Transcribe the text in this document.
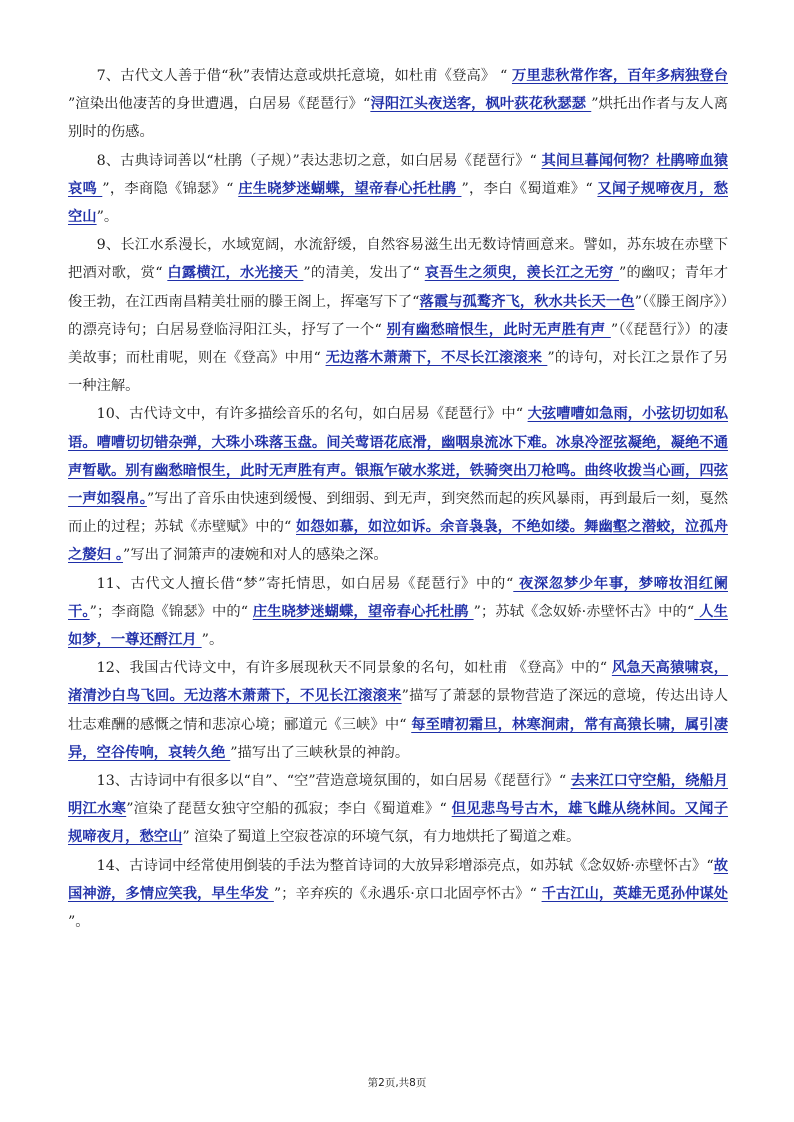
7、古代文人善于借“秋”表情达意或烘托意境，如杜甫《登高》 “ 万里悲秋常作客，百年多病独登台 ”渲染出他凄苦的身世遭遇，白居易《琵琶行》“浔阳江头夜送客，枫叶荻花秋瑟瑟 ”烘托出作者与友人离别时的伤感。

8、古典诗词善以“杜鹃（子规）”表达悲切之意，如白居易《琵琶行》“ 其间旦暮闻何物？杜鹃啼血猿哀鸣 ”，李商隐《锦瑟》“ 庄生晓梦迷蝴蝶，望帝春心托杜鹃 ”，李白《蜀道难》“ 又闻子规啼夜月，愁空山”。

9、长江水系漫长，水域宽阔，水流舒缓，自然容易滋生出无数诗情画意来。譬如，苏东坡在赤壁下把酒对歌，赏“ 白露横江，水光接天 ”的清美，发出了“ 哀吾生之须臾，羡长江之无穷 ”的幽叹；青年才俊王勃，在江西南昌精美壮丽的滕王阁上，挥毫写下了“落霞与孤鹜齐飞，秋水共长天一色”（《滕王阁序》）的漂亮诗句；白居易登临浔阳江头，抒写了一个“ 别有幽愁暗恨生，此时无声胜有声 ”（《琵琶行》）的凄美故事；而杜甫呢，则在《登高》中用“ 无边落木萧萧下，不尽长江滚滚来 ”的诗句，对长江之景作了另一种注解。

10、古代诗文中，有许多描绘音乐的名句，如白居易《琵琶行》中“ 大弦嘈嘈如急雨，小弦切切如私语。嘈嘈切切错杂弹，大珠小珠落玉盘。间关莺语花底滑，幽咽泉流冰下难。冰泉冷涩弦凝绝，凝绝不通声暂歇。别有幽愁暗恨生，此时无声胜有声。银瓶乍破水浆迸，铁骑突出刀枪鸣。曲终收拨当心画，四弦一声如裂帛。”写出了音乐由快速到缓慢、到细弱、到无声，到突然而起的疾风暴雨，再到最后一刻，戛然而止的过程；苏轼《赤壁赋》中的“ 如怨如慕，如泣如诉。余音袅袅，不绝如缕。舞幽壑之潜蛟，泣孤舟之嫠妇 。”写出了洞箫声的凄婉和对人的感染之深。

11、古代文人擅长借“梦”寄托情思，如白居易《琵琶行》中的“ 夜深忽梦少年事，梦啼妆泪红阑干。”；李商隐《锦瑟》中的“ 庄生晓梦迷蝴蝶，望帝春心托杜鹃 ”；苏轼《念奴娇·赤壁怀古》中的“ 人生如梦，一尊还酹江月 ”。

12、我国古代诗文中，有许多展现秋天不同景象的名句，如杜甫 《登高》中的“ 风急天高猿啸哀，渚清沙白鸟飞回。无边落木萧萧下，不见长江滚滚来”描写了萧瑟的景物营造了深远的意境，传达出诗人壮志难酬的感慨之情和悲凉心境；郦道元《三峡》中“ 每至晴初霜旦，林寒涧肃，常有高猿长啸，属引凄异，空谷传响，哀转久绝 ”描写出了三峡秋景的神韵。

13、古诗词中有很多以“自”、“空”营造意境氛围的，如白居易《琵琶行》“ 去来江口守空船，绕船月明江水寒”渲染了琵琶女独守空船的孤寂；李白《蜀道难》“ 但见悲鸟号古木，雄飞雌从绕林间。又闻子规啼夜月，愁空山” 渲染了蜀道上空寂苍凉的环境气氛，有力地烘托了蜀道之难。

14、古诗词中经常使用倒装的手法为整首诗词的大放异彩增添亮点，如苏轼《念奴娇·赤壁怀古》“故国神游，多情应笑我，早生华发 ”；辛弃疾的《永遇乐·京口北固亭怀古》“ 千古江山，英雄无觅孙仲谋处 ”。

第2页,共8页
